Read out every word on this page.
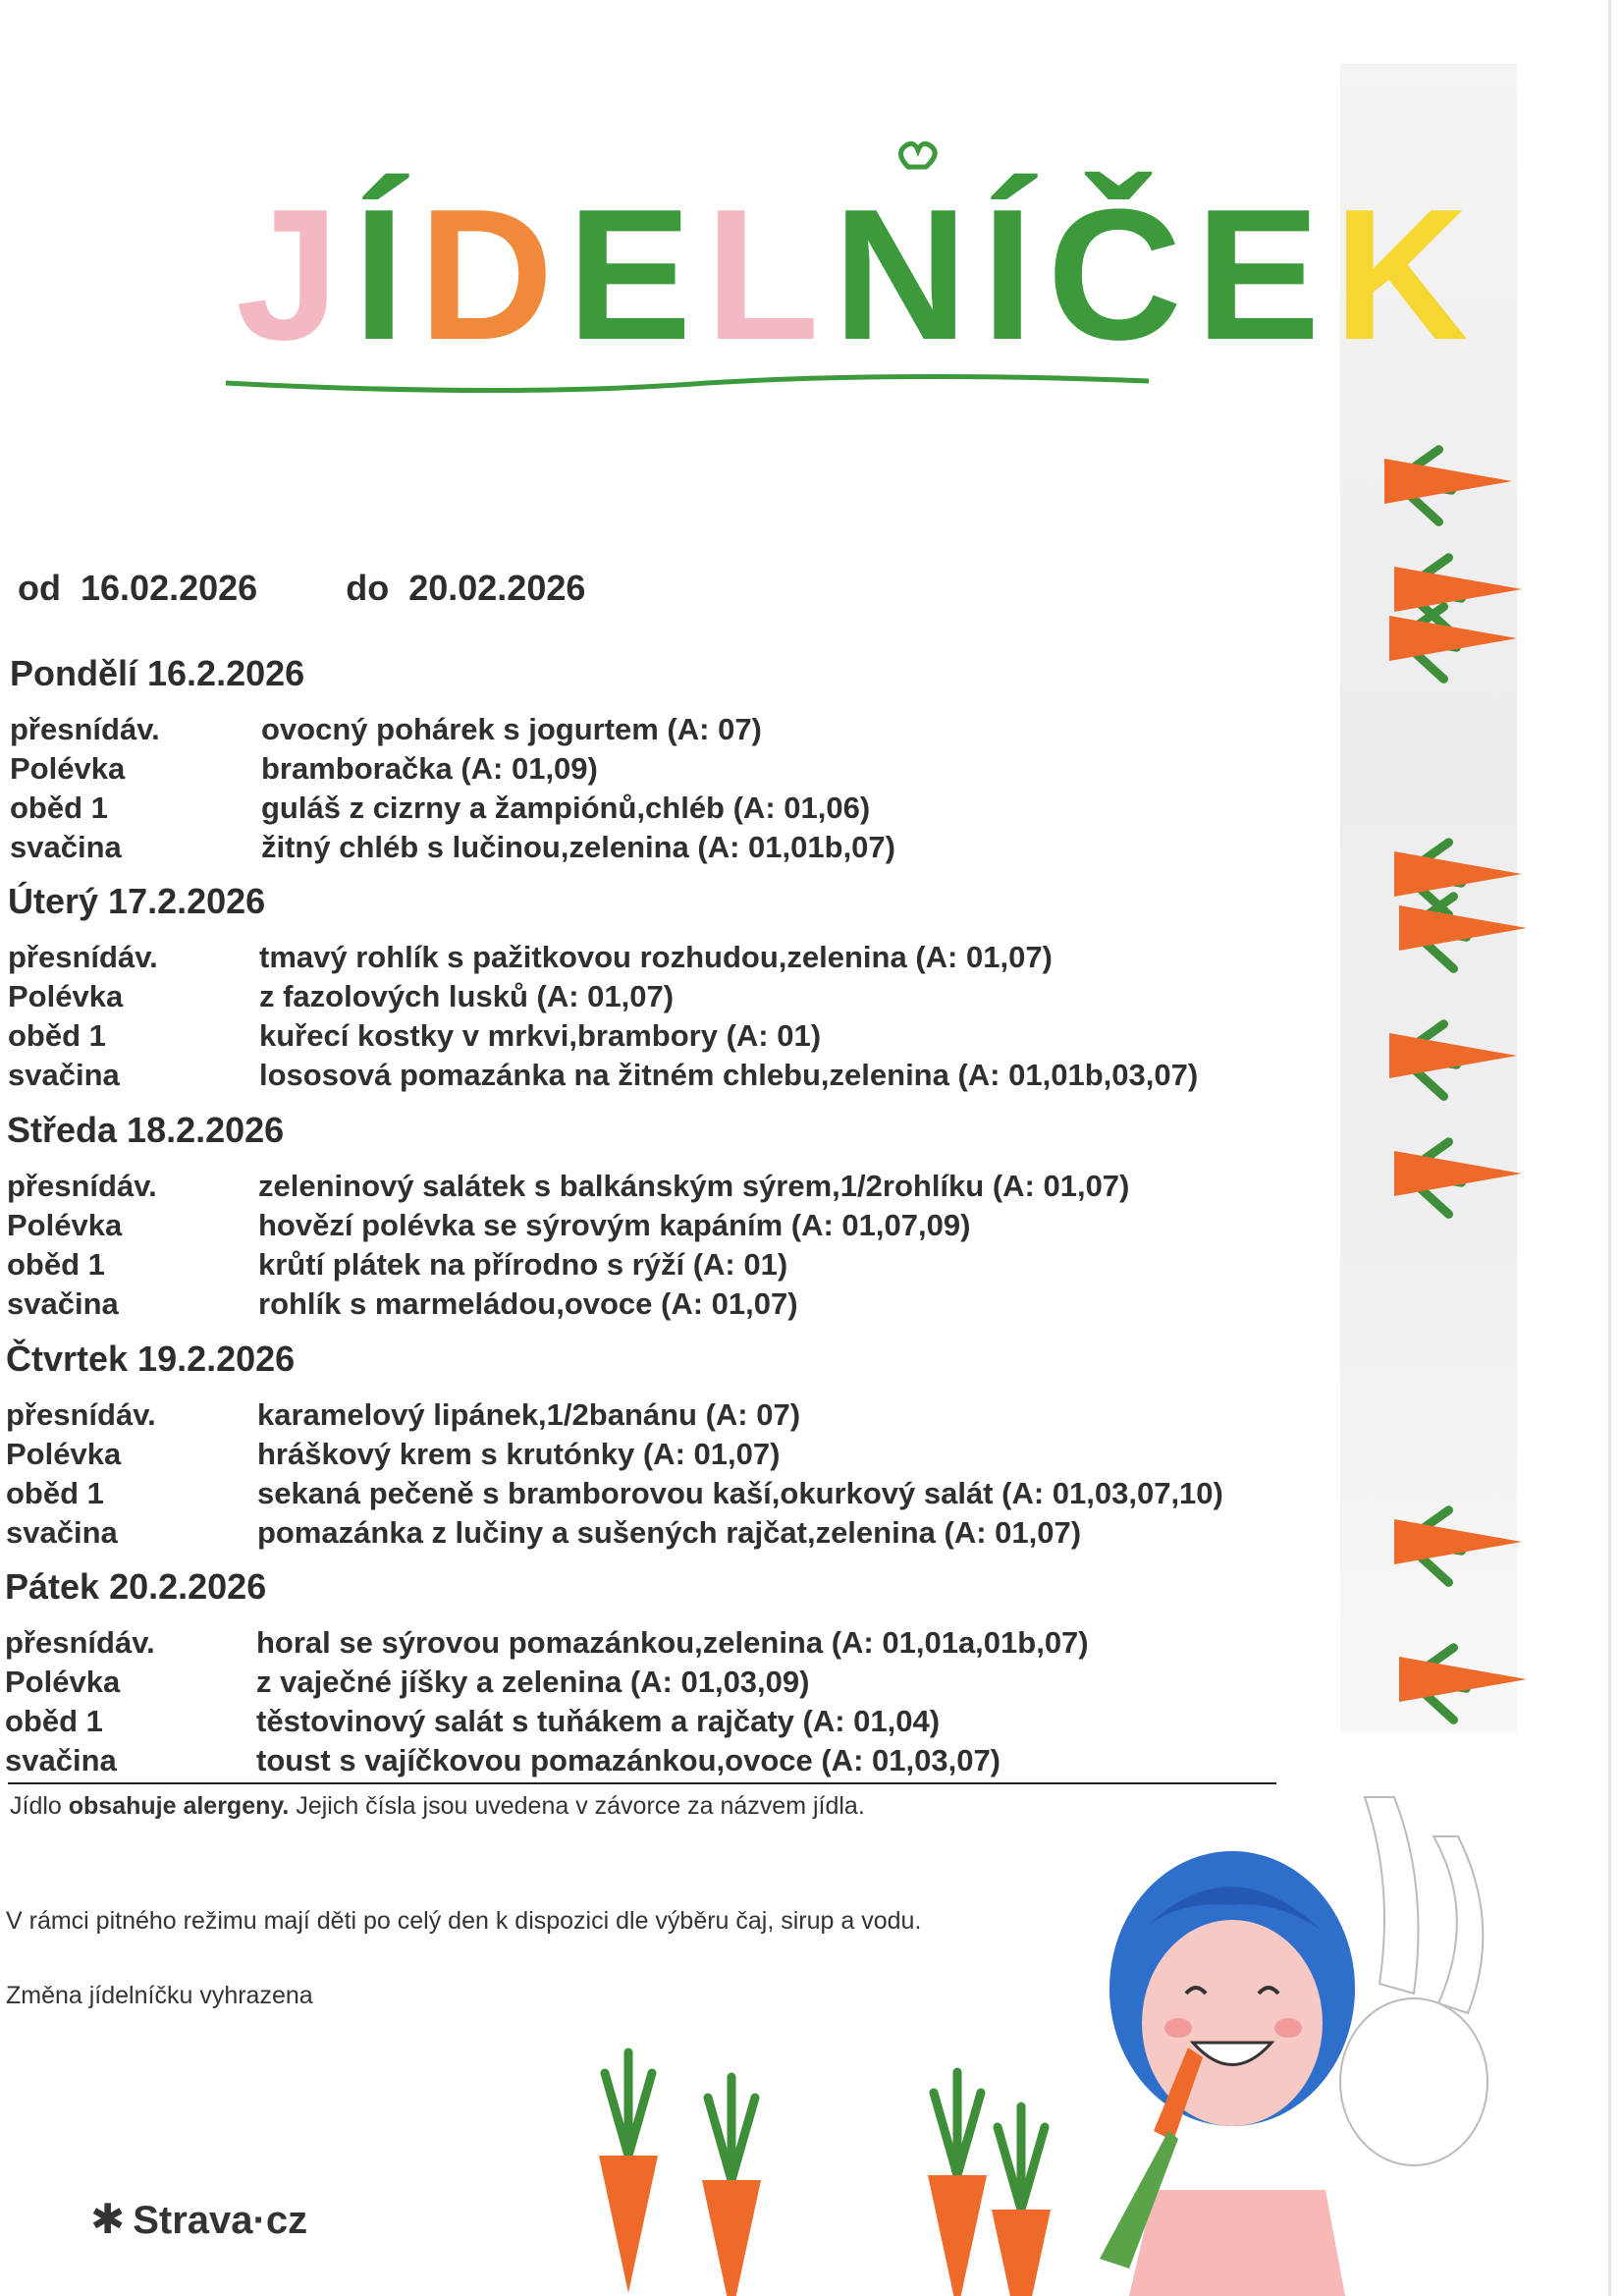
JÍDELNÍČEK
od 16.02.2026	do 20.02.2026
Pondělí 16.2.2026
přesnídáv.	ovocný pohárek s jogurtem (A: 07)
Polévka	bramboračka (A: 01,09)
oběd 1	guláš z cizrny a žampiónů,chléb (A: 01,06)
svačina	žitný chléb s lučinou,zelenina (A: 01,01b,07)
Úterý 17.2.2026
přesnídáv.	tmavý rohlík s pažitkovou rozhudou,zelenina (A: 01,07)
Polévka	z fazolových lusků (A: 01,07)
oběd 1	kuřecí kostky v mrkvi,brambory (A: 01)
svačina	lososová pomazánka na žitném chlebu,zelenina (A: 01,01b,03,07)
Středa 18.2.2026
přesnídáv.	zeleninový salátek s balkánským sýrem,1/2rohlíku (A: 01,07)
Polévka	hovězí polévka se sýrovým kapáním (A: 01,07,09)
oběd 1	krůtí plátek na přírodno s rýží (A: 01)
svačina	rohlík s marmeládou,ovoce (A: 01,07)
Čtvrtek 19.2.2026
přesnídáv.	karamelový lipánek,1/2banánu (A: 07)
Polévka	hráškový krem s krutónky (A: 01,07)
oběd 1	sekaná pečeně s bramborovou kaší,okurkový salát (A: 01,03,07,10)
svačina	pomazánka z lučiny a sušených rajčat,zelenina (A: 01,07)
Pátek 20.2.2026
přesnídáv.	horal se sýrovou pomazánkou,zelenina (A: 01,01a,01b,07)
Polévka	z vaječné jíšky a zelenina (A: 01,03,09)
oběd 1	těstovinový salát s tuňákem a rajčaty (A: 01,04)
svačina	toust s vajíčkovou pomazánkou,ovoce (A: 01,03,07)
Jídlo obsahuje alergeny. Jejich čísla jsou uvedena v závorce za názvem jídla.
V rámci pitného režimu mají děti po celý den k dispozici dle výběru čaj, sirup a vodu.
Změna jídelníčku vyhrazena
✱ Strava·cz
